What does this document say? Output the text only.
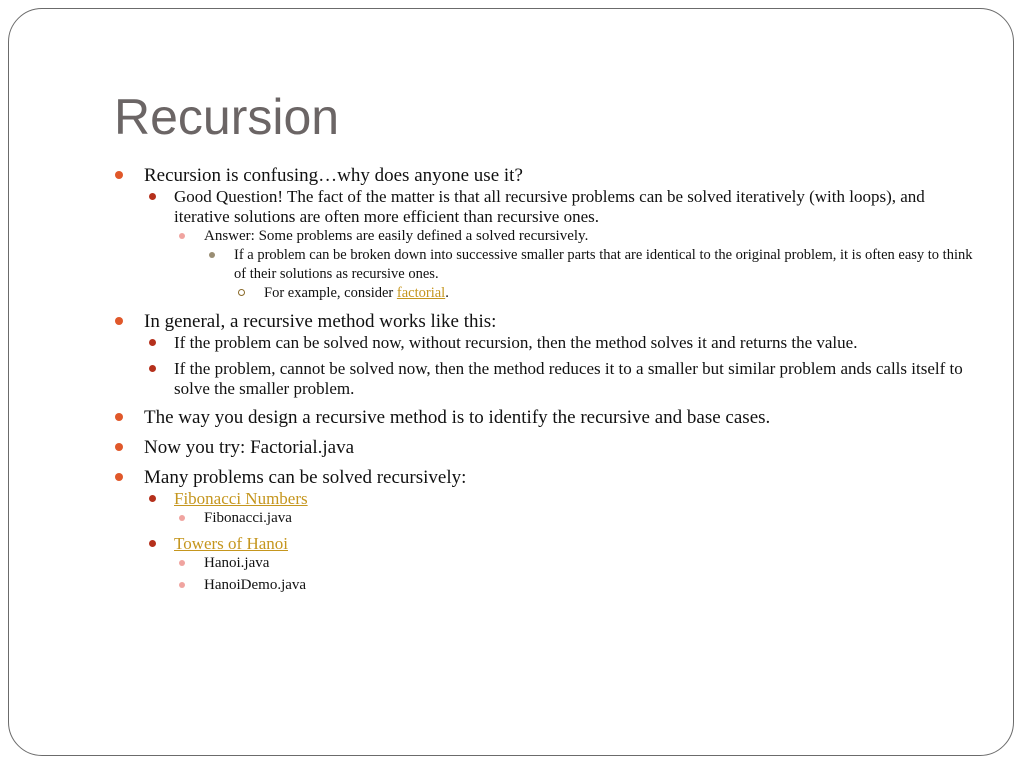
Recursion
Recursion is confusing…why does anyone use it?
Good Question! The fact of the matter is that all recursive problems can be solved iteratively (with loops), and iterative solutions are often more efficient than recursive ones.
Answer: Some problems are easily defined a solved recursively.
If a problem can be broken down into successive smaller parts that are identical to the original problem, it is often easy to think of their solutions as recursive ones.
For example, consider factorial.
In general, a recursive method works like this:
If the problem can be solved now, without recursion, then the method solves it and returns the value.
If the problem, cannot be solved now, then the method reduces it to a smaller but similar problem ands calls itself to solve the smaller problem.
The way you design a recursive method is to identify the recursive and base cases.
Now you try: Factorial.java
Many problems can be solved recursively:
Fibonacci Numbers
Fibonacci.java
Towers of Hanoi
Hanoi.java
HanoiDemo.java
